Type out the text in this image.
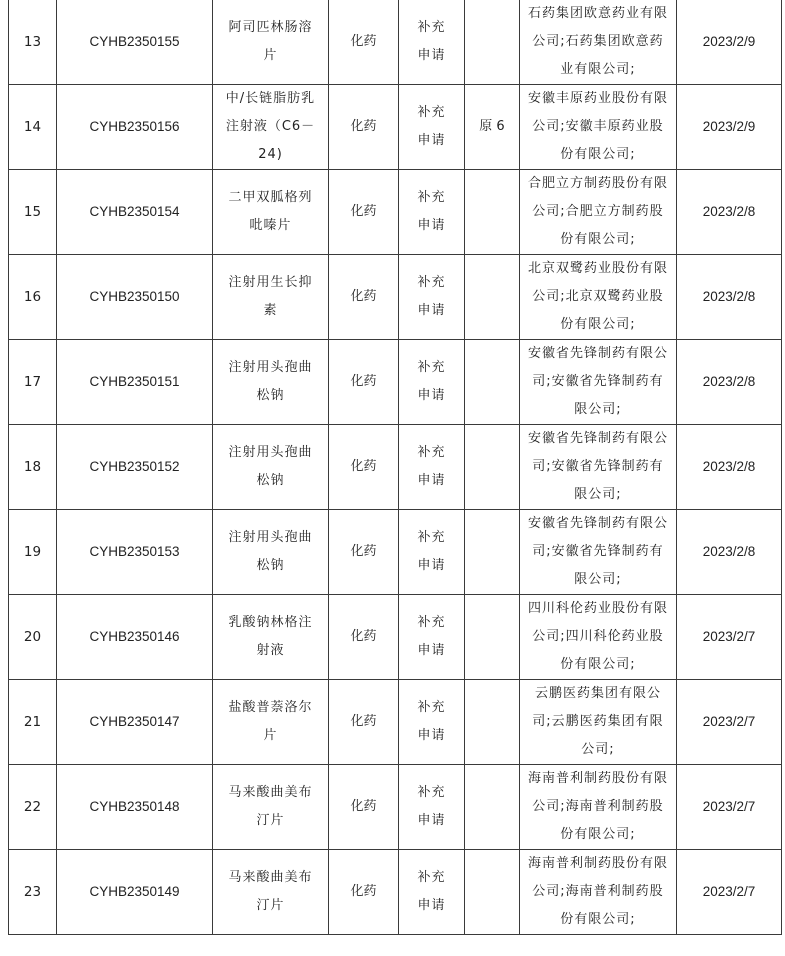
13	CYHB2350155	阿司匹林肠溶片	化药	补充申请		石药集团欧意药业有限公司;石药集团欧意药业有限公司;	2023/2/9
14	CYHB2350156	中/长链脂肪乳注射液（C6－24)	化药	补充申请	原 6	安徽丰原药业股份有限公司;安徽丰原药业股份有限公司;	2023/2/9
15	CYHB2350154	二甲双胍格列吡嗪片	化药	补充申请		合肥立方制药股份有限公司;合肥立方制药股份有限公司;	2023/2/8
16	CYHB2350150	注射用生长抑素	化药	补充申请		北京双鹭药业股份有限公司;北京双鹭药业股份有限公司;	2023/2/8
17	CYHB2350151	注射用头孢曲松钠	化药	补充申请		安徽省先锋制药有限公司;安徽省先锋制药有限公司;	2023/2/8
18	CYHB2350152	注射用头孢曲松钠	化药	补充申请		安徽省先锋制药有限公司;安徽省先锋制药有限公司;	2023/2/8
19	CYHB2350153	注射用头孢曲松钠	化药	补充申请		安徽省先锋制药有限公司;安徽省先锋制药有限公司;	2023/2/8
20	CYHB2350146	乳酸钠林格注射液	化药	补充申请		四川科伦药业股份有限公司;四川科伦药业股份有限公司;	2023/2/7
21	CYHB2350147	盐酸普萘洛尔片	化药	补充申请		云鹏医药集团有限公司;云鹏医药集团有限公司;	2023/2/7
22	CYHB2350148	马来酸曲美布汀片	化药	补充申请		海南普利制药股份有限公司;海南普利制药股份有限公司;	2023/2/7
23	CYHB2350149	马来酸曲美布汀片	化药	补充申请		海南普利制药股份有限公司;海南普利制药股份有限公司;	2023/2/7
